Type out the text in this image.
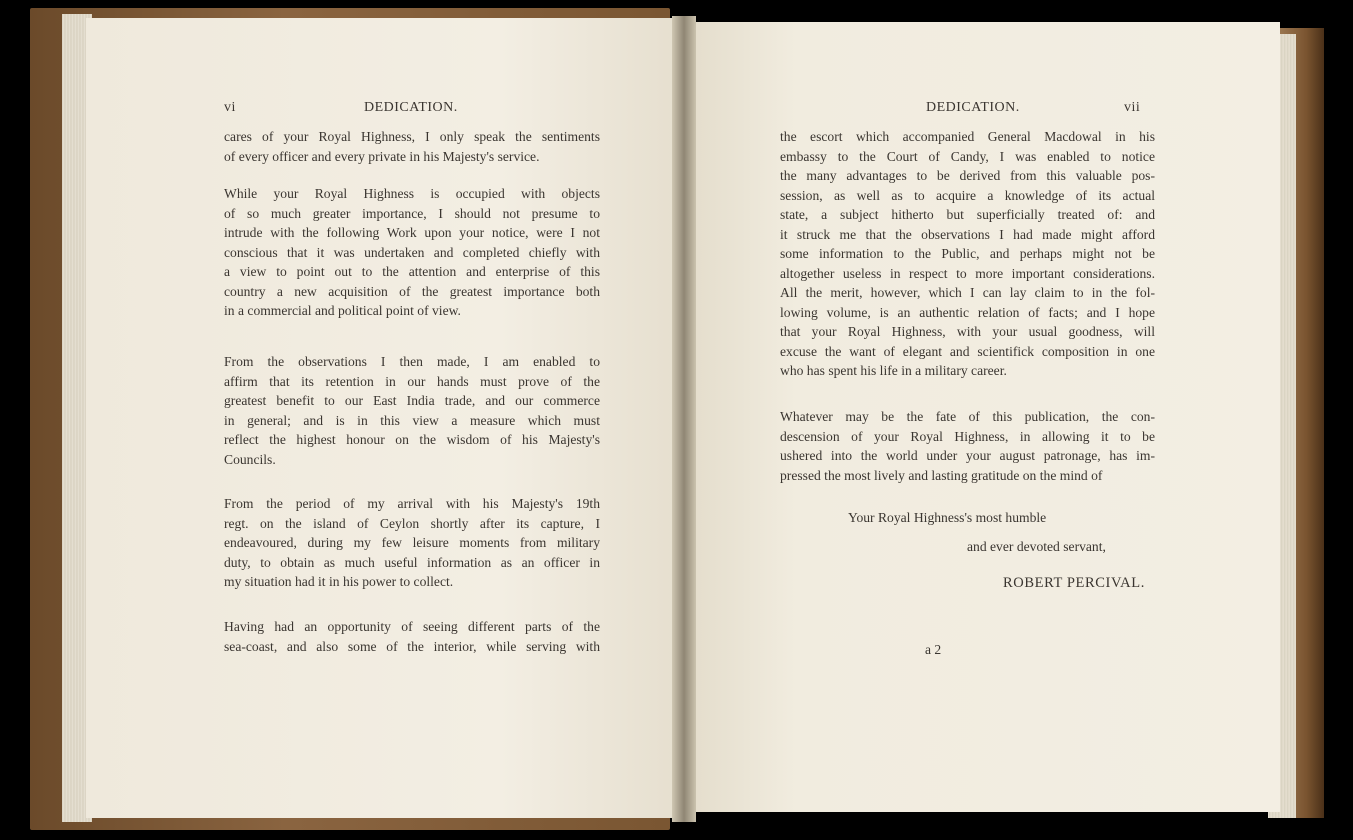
vi	DEDICATION.	DEDICATION.	vii
cares of your Royal Highness, I only speak the sentiments
of every officer and every private in his Majesty's service.
While your Royal Highness is occupied with objects
of so much greater importance, I should not presume to
intrude with the following Work upon your notice, were I not
conscious that it was undertaken and completed chiefly with
a view to point out to the attention and enterprise of this
country a new acquisition of the greatest importance both
in a commercial and political point of view.
From the observations I then made, I am enabled to
affirm that its retention in our hands must prove of the
greatest benefit to our East India trade, and our commerce
in general; and is in this view a measure which must
reflect the highest honour on the wisdom of his Majesty's
Councils.
From the period of my arrival with his Majesty's 19th
regt. on the island of Ceylon shortly after its capture, I
endeavoured, during my few leisure moments from military
duty, to obtain as much useful information as an officer in
my situation had it in his power to collect.
Having had an opportunity of seeing different parts of the
sea-coast, and also some of the interior, while serving with
the escort which accompanied General Macdowal in his
embassy to the Court of Candy, I was enabled to notice
the many advantages to be derived from this valuable pos-
session, as well as to acquire a knowledge of its actual
state, a subject hitherto but superficially treated of: and
it struck me that the observations I had made might afford
some information to the Public, and perhaps might not be
altogether useless in respect to more important considerations.
All the merit, however, which I can lay claim to in the fol-
lowing volume, is an authentic relation of facts; and I hope
that your Royal Highness, with your usual goodness, will
excuse the want of elegant and scientifick composition in one
who has spent his life in a military career.
Whatever may be the fate of this publication, the con-
descension of your Royal Highness, in allowing it to be
ushered into the world under your august patronage, has im-
pressed the most lively and lasting gratitude on the mind of
Your Royal Highness's most humble
and ever devoted servant,
ROBERT PERCIVAL.
a 2
